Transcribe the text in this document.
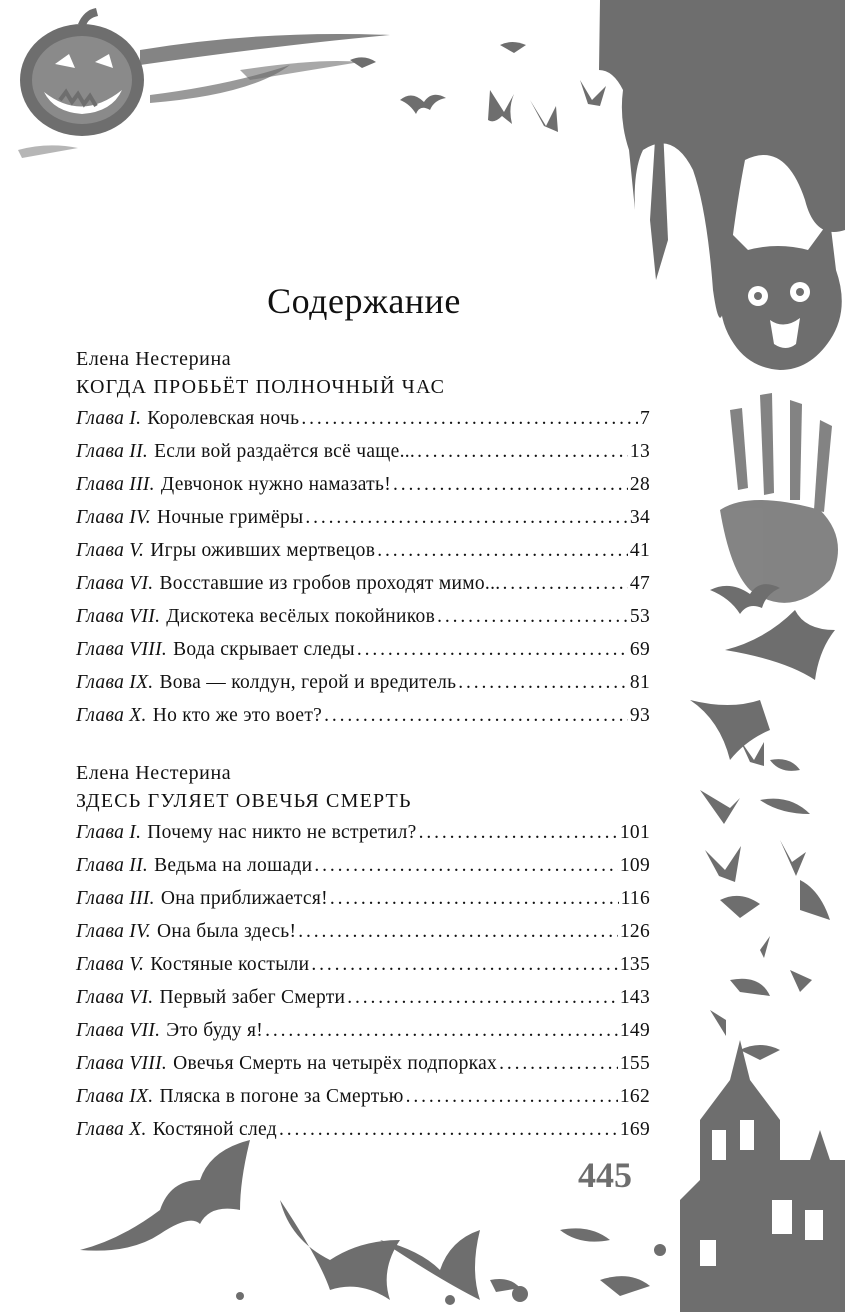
Содержание
Елена Нестерина
КОГДА ПРОБЬЁТ ПОЛНОЧНЫЙ ЧАС
Глава I. Королевская ночь . . .	7
Глава II. Если вой раздаётся всё чаще... . . .	13
Глава III. Девчонок нужно намазать! . . .	28
Глава IV. Ночные гримёры . . .	34
Глава V. Игры оживших мертвецов . . .	41
Глава VI. Восставшие из гробов проходят мимо... . . .	47
Глава VII. Дискотека весёлых покойников . . .	53
Глава VIII. Вода скрывает следы . . .	69
Глава IX. Вова — колдун, герой и вредитель . . .	81
Глава X. Но кто же это воет? . . .	93
Елена Нестерина
ЗДЕСЬ ГУЛЯЕТ ОВЕЧЬЯ СМЕРТЬ
Глава I. Почему нас никто не встретил? . . .	101
Глава II. Ведьма на лошади . . .	109
Глава III. Она приближается! . . .	116
Глава IV. Она была здесь! . . .	126
Глава V. Костяные костыли . . .	135
Глава VI. Первый забег Смерти . . .	143
Глава VII. Это буду я! . . .	149
Глава VIII. Овечья Смерть на четырёх подпорках . . .	155
Глава IX. Пляска в погоне за Смертью . . .	162
Глава X. Костяной след . . .	169
445
